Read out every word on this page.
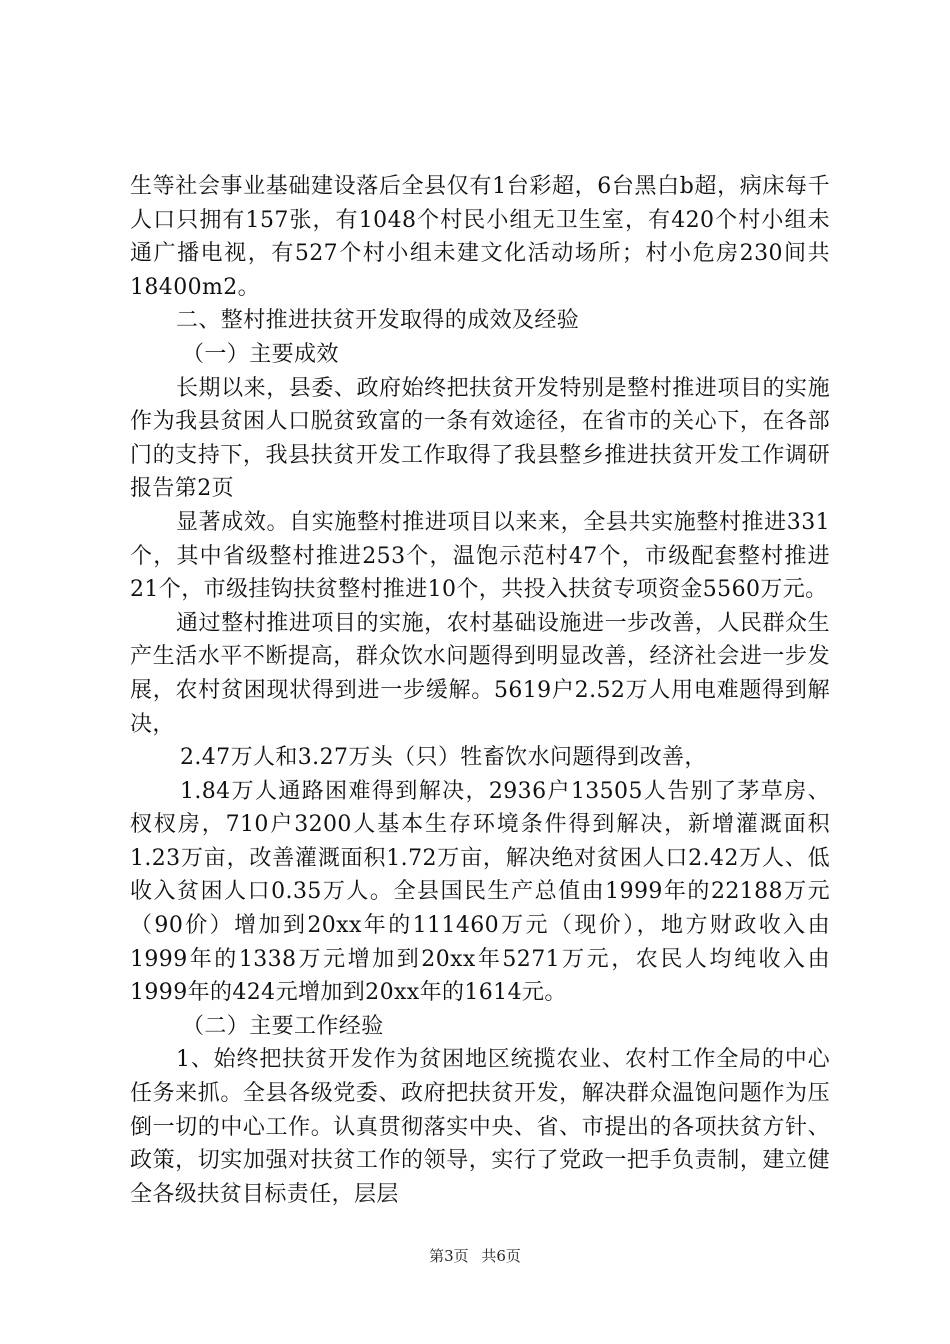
生等社会事业基础建设落后全县仅有1台彩超，6台黑白b超，病床每千人口只拥有157张，有1048个村民小组无卫生室，有420个村小组未通广播电视，有527个村小组未建文化活动场所；村小危房230间共18400m2。

二、整村推进扶贫开发取得的成效及经验

（一）主要成效

长期以来，县委、政府始终把扶贫开发特别是整村推进项目的实施作为我县贫困人口脱贫致富的一条有效途径，在省市的关心下，在各部门的支持下，我县扶贫开发工作取得了我县整乡推进扶贫开发工作调研报告第2页

显著成效。自实施整村推进项目以来来，全县共实施整村推进331个，其中省级整村推进253个，温饱示范村47个，市级配套整村推进21个，市级挂钩扶贫整村推进10个，共投入扶贫专项资金5560万元。

通过整村推进项目的实施，农村基础设施进一步改善，人民群众生产生活水平不断提高，群众饮水问题得到明显改善，经济社会进一步发展，农村贫困现状得到进一步缓解。5619户2.52万人用电难题得到解决，

2.47万人和3.27万头（只）牲畜饮水问题得到改善，

1.84万人通路困难得到解决，2936户13505人告别了茅草房、杈杈房，710户3200人基本生存环境条件得到解决，新增灌溉面积1.23万亩，改善灌溉面积1.72万亩，解决绝对贫困人口2.42万人、低收入贫困人口0.35万人。全县国民生产总值由1999年的22188万元（90价）增加到20xx年的111460万元（现价），地方财政收入由1999年的1338万元增加到20xx年5271万元，农民人均纯收入由1999年的424元增加到20xx年的1614元。

（二）主要工作经验

1、始终把扶贫开发作为贫困地区统揽农业、农村工作全局的中心任务来抓。全县各级党委、政府把扶贫开发，解决群众温饱问题作为压倒一切的中心工作。认真贯彻落实中央、省、市提出的各项扶贫方针、政策，切实加强对扶贫工作的领导，实行了党政一把手负责制，建立健全各级扶贫目标责任，层层

第3页 共6页
